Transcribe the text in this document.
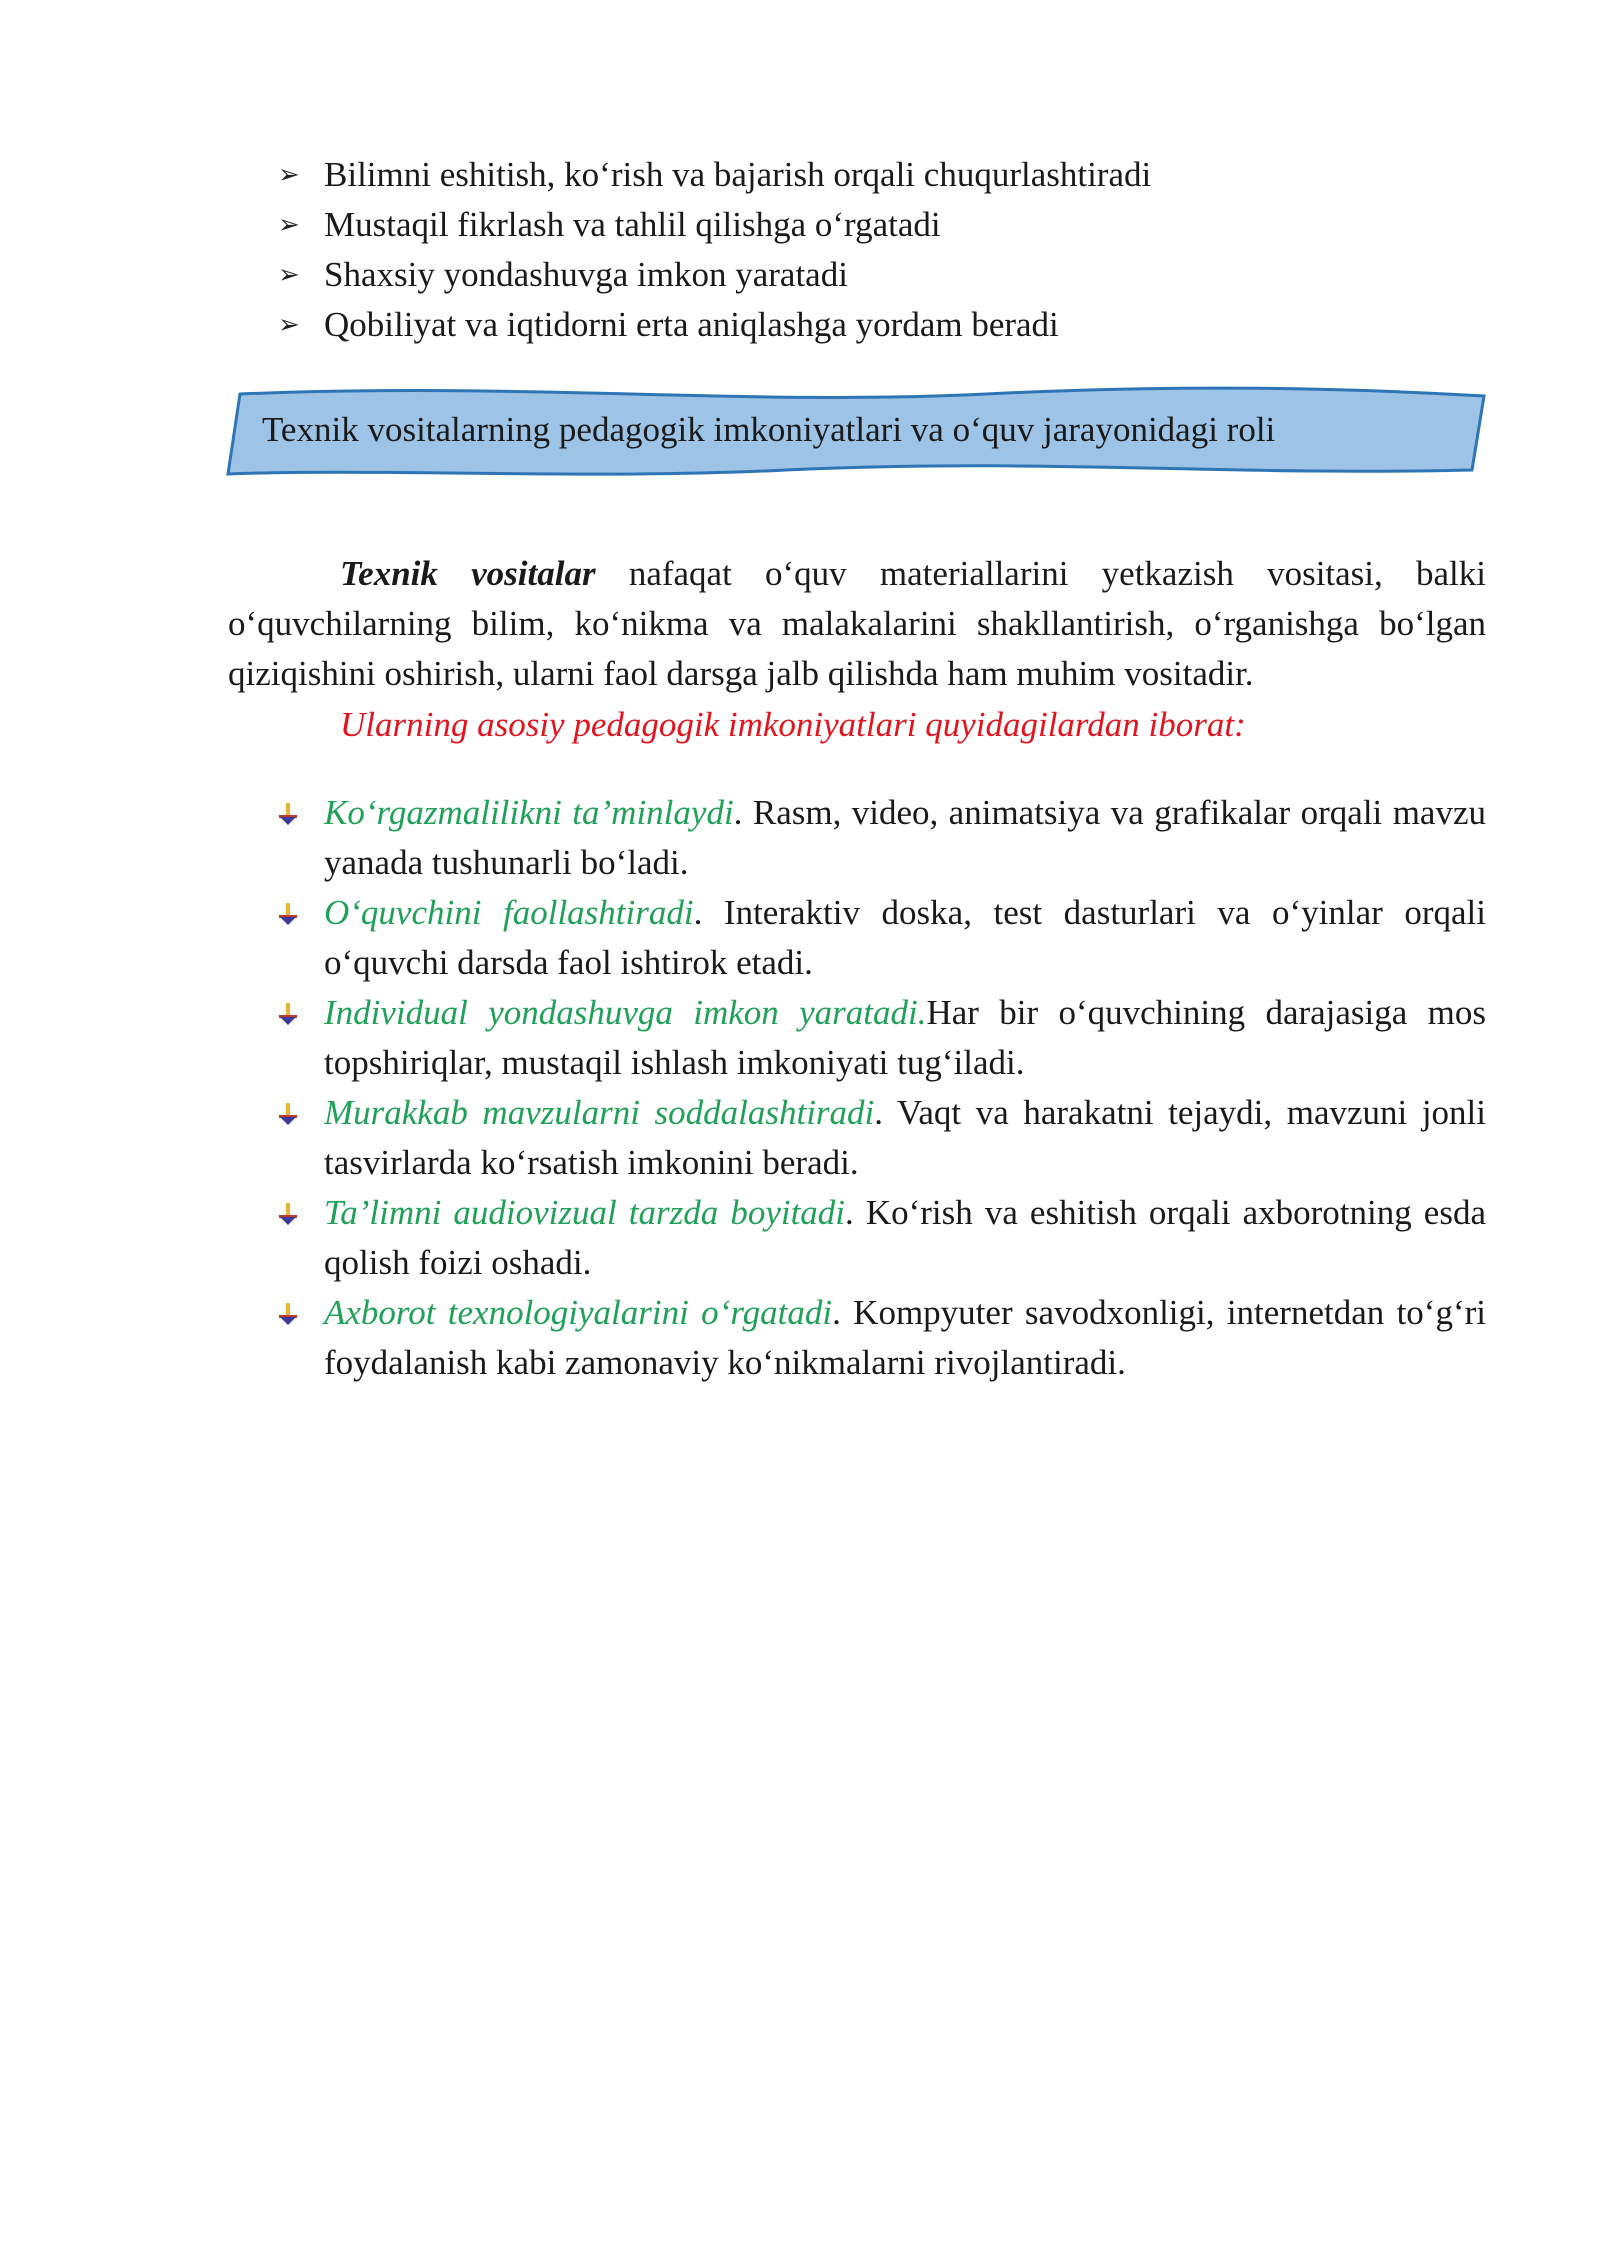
➢ Bilimni eshitish, ko‘rish va bajarish orqali chuqurlashtiradi
➢ Mustaqil fikrlash va tahlil qilishga o‘rgatadi
➢ Shaxsiy yondashuvga imkon yaratadi
➢ Qobiliyat va iqtidorni erta aniqlashga yordam beradi
Texnik vositalarning pedagogik imkoniyatlari va o‘quv jarayonidagi roli

Texnik vositalar nafaqat o‘quv materiallarini yetkazish vositasi, balki o‘quvchilarning bilim, ko‘nikma va malakalarini shakllantirish, o‘rganishga bo‘lgan qiziqishini oshirish, ularni faol darsga jalb qilishda ham muhim vositadir.

Ularning asosiy pedagogik imkoniyatlari quyidagilardan iborat:
Ko‘rgazmalilikni ta’minlaydi. Rasm, video, animatsiya va grafikalar orqali mavzu yanada tushunarli bo‘ladi.
O‘quvchini faollashtiradi. Interaktiv doska, test dasturlari va o‘yinlar orqali o‘quvchi darsda faol ishtirok etadi.
Individual yondashuvga imkon yaratadi.Har bir o‘quvchining darajasiga mos topshiriqlar, mustaqil ishlash imkoniyati tug‘iladi.
Murakkab mavzularni soddalashtiradi. Vaqt va harakatni tejaydi, mavzuni jonli tasvirlarda ko‘rsatish imkonini beradi.
Ta’limni audiovizual tarzda boyitadi. Ko‘rish va eshitish orqali axborotning esda qolish foizi oshadi.
Axborot texnologiyalarini o‘rgatadi. Kompyuter savodxonligi, internetdan to‘g‘ri foydalanish kabi zamonaviy ko‘nikmalarni rivojlantiradi.
